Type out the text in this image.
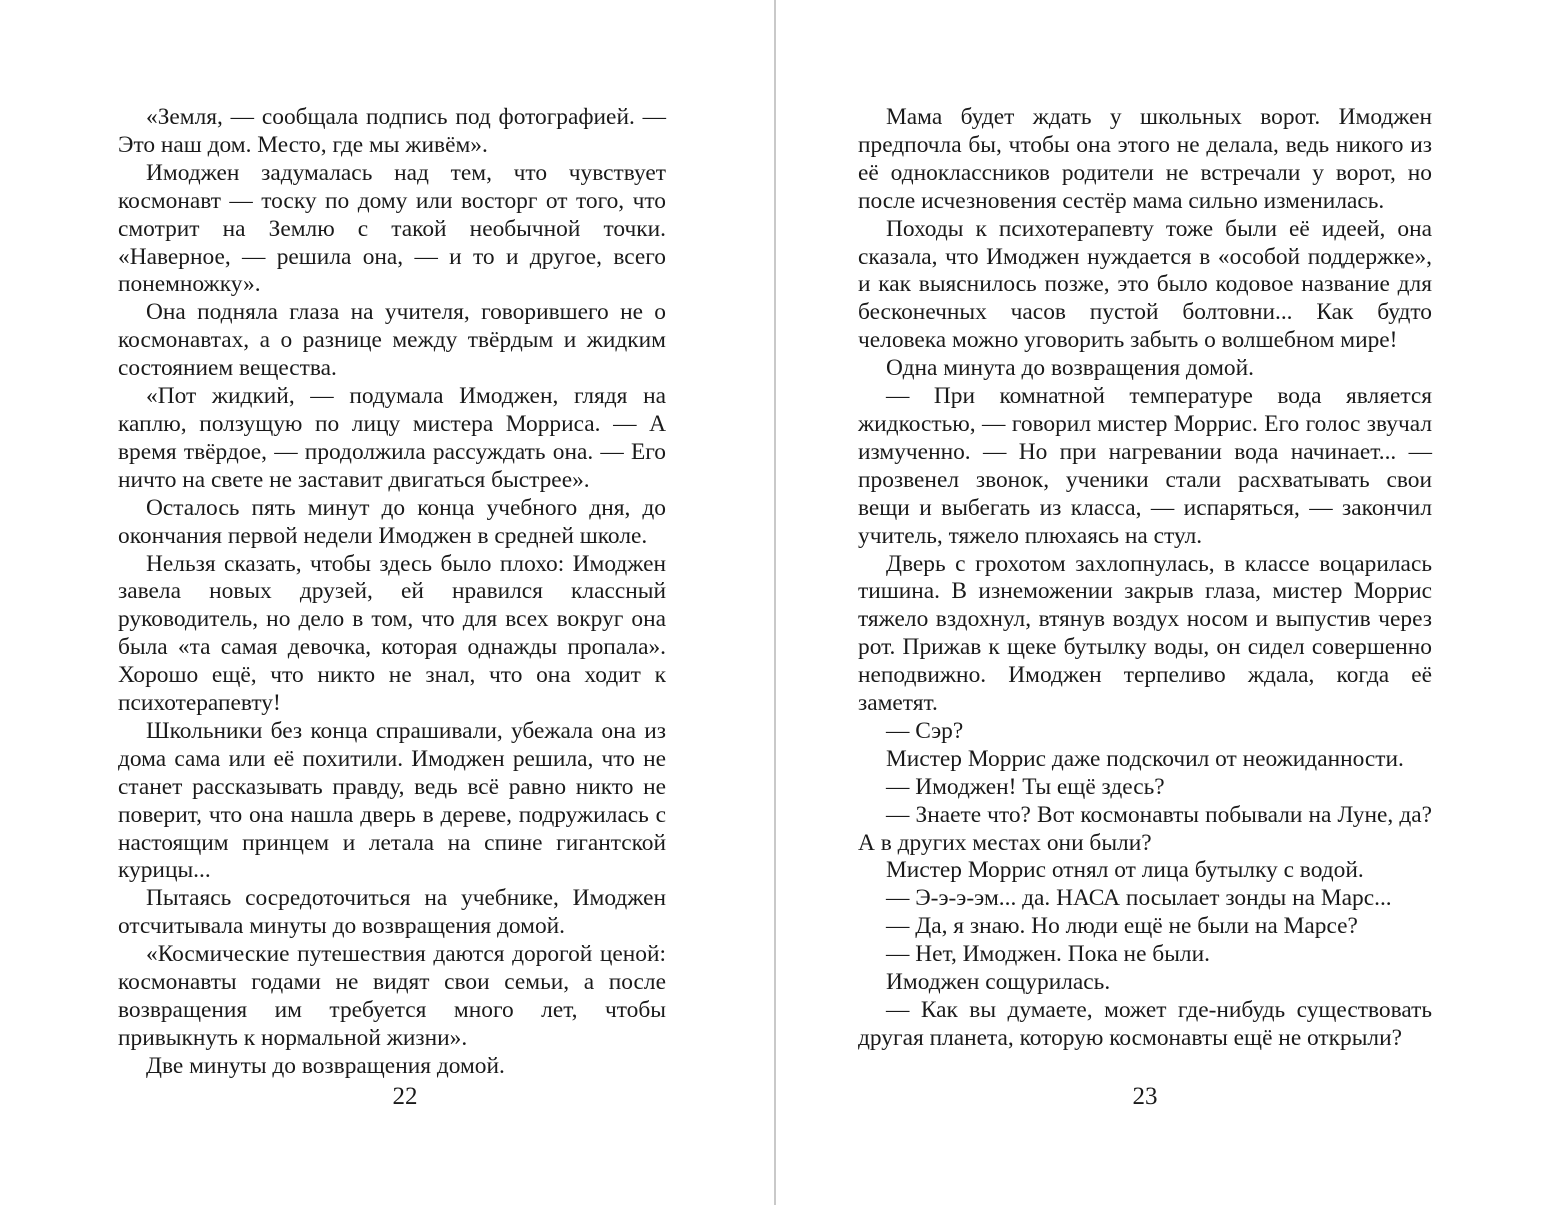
«Земля, — сообщала подпись под фотографией. — Это наш дом. Место, где мы живём».

Имоджен задумалась над тем, что чувствует космонавт — тоску по дому или восторг от того, что смотрит на Землю с такой необычной точки. «Наверное, — решила она, — и то и другое, всего понемножку».

Она подняла глаза на учителя, говорившего не о космонавтах, а о разнице между твёрдым и жидким состоянием вещества.

«Пот жидкий, — подумала Имоджен, глядя на каплю, ползущую по лицу мистера Морриса. — А время твёрдое, — продолжила рассуждать она. — Его ничто на свете не заставит двигаться быстрее».

Осталось пять минут до конца учебного дня, до окончания первой недели Имоджен в средней школе.

Нельзя сказать, чтобы здесь было плохо: Имоджен завела новых друзей, ей нравился классный руководитель, но дело в том, что для всех вокруг она была «та самая девочка, которая однажды пропала». Хорошо ещё, что никто не знал, что она ходит к психотерапевту!

Школьники без конца спрашивали, убежала она из дома сама или её похитили. Имоджен решила, что не станет рассказывать правду, ведь всё равно никто не поверит, что она нашла дверь в дереве, подружилась с настоящим принцем и летала на спине гигантской курицы...

Пытаясь сосредоточиться на учебнике, Имоджен отсчитывала минуты до возвращения домой.

«Космические путешествия даются дорогой ценой: космонавты годами не видят свои семьи, а после возвращения им требуется много лет, чтобы привыкнуть к нормальной жизни».

Две минуты до возвращения домой.

22

Мама будет ждать у школьных ворот. Имоджен предпочла бы, чтобы она этого не делала, ведь никого из её одноклассников родители не встречали у ворот, но после исчезновения сестёр мама сильно изменилась.

Походы к психотерапевту тоже были её идеей, она сказала, что Имоджен нуждается в «особой поддержке», и как выяснилось позже, это было кодовое название для бесконечных часов пустой болтовни... Как будто человека можно уговорить забыть о волшебном мире!

Одна минута до возвращения домой.

— При комнатной температуре вода является жидкостью, — говорил мистер Моррис. Его голос звучал измученно. — Но при нагревании вода начинает... — прозвенел звонок, ученики стали расхватывать свои вещи и выбегать из класса, — испаряться, — закончил учитель, тяжело плюхаясь на стул.

Дверь с грохотом захлопнулась, в классе воцарилась тишина. В изнеможении закрыв глаза, мистер Моррис тяжело вздохнул, втянув воздух носом и выпустив через рот. Прижав к щеке бутылку воды, он сидел совершенно неподвижно. Имоджен терпеливо ждала, когда её заметят.

— Сэр?

Мистер Моррис даже подскочил от неожиданности.

— Имоджен! Ты ещё здесь?

— Знаете что? Вот космонавты побывали на Луне, да? А в других местах они были?

Мистер Моррис отнял от лица бутылку с водой.

— Э-э-э-эм... да. НАСА посылает зонды на Марс...

— Да, я знаю. Но люди ещё не были на Марсе?

— Нет, Имоджен. Пока не были.

Имоджен сощурилась.

— Как вы думаете, может где-нибудь существовать другая планета, которую космонавты ещё не открыли?

23
